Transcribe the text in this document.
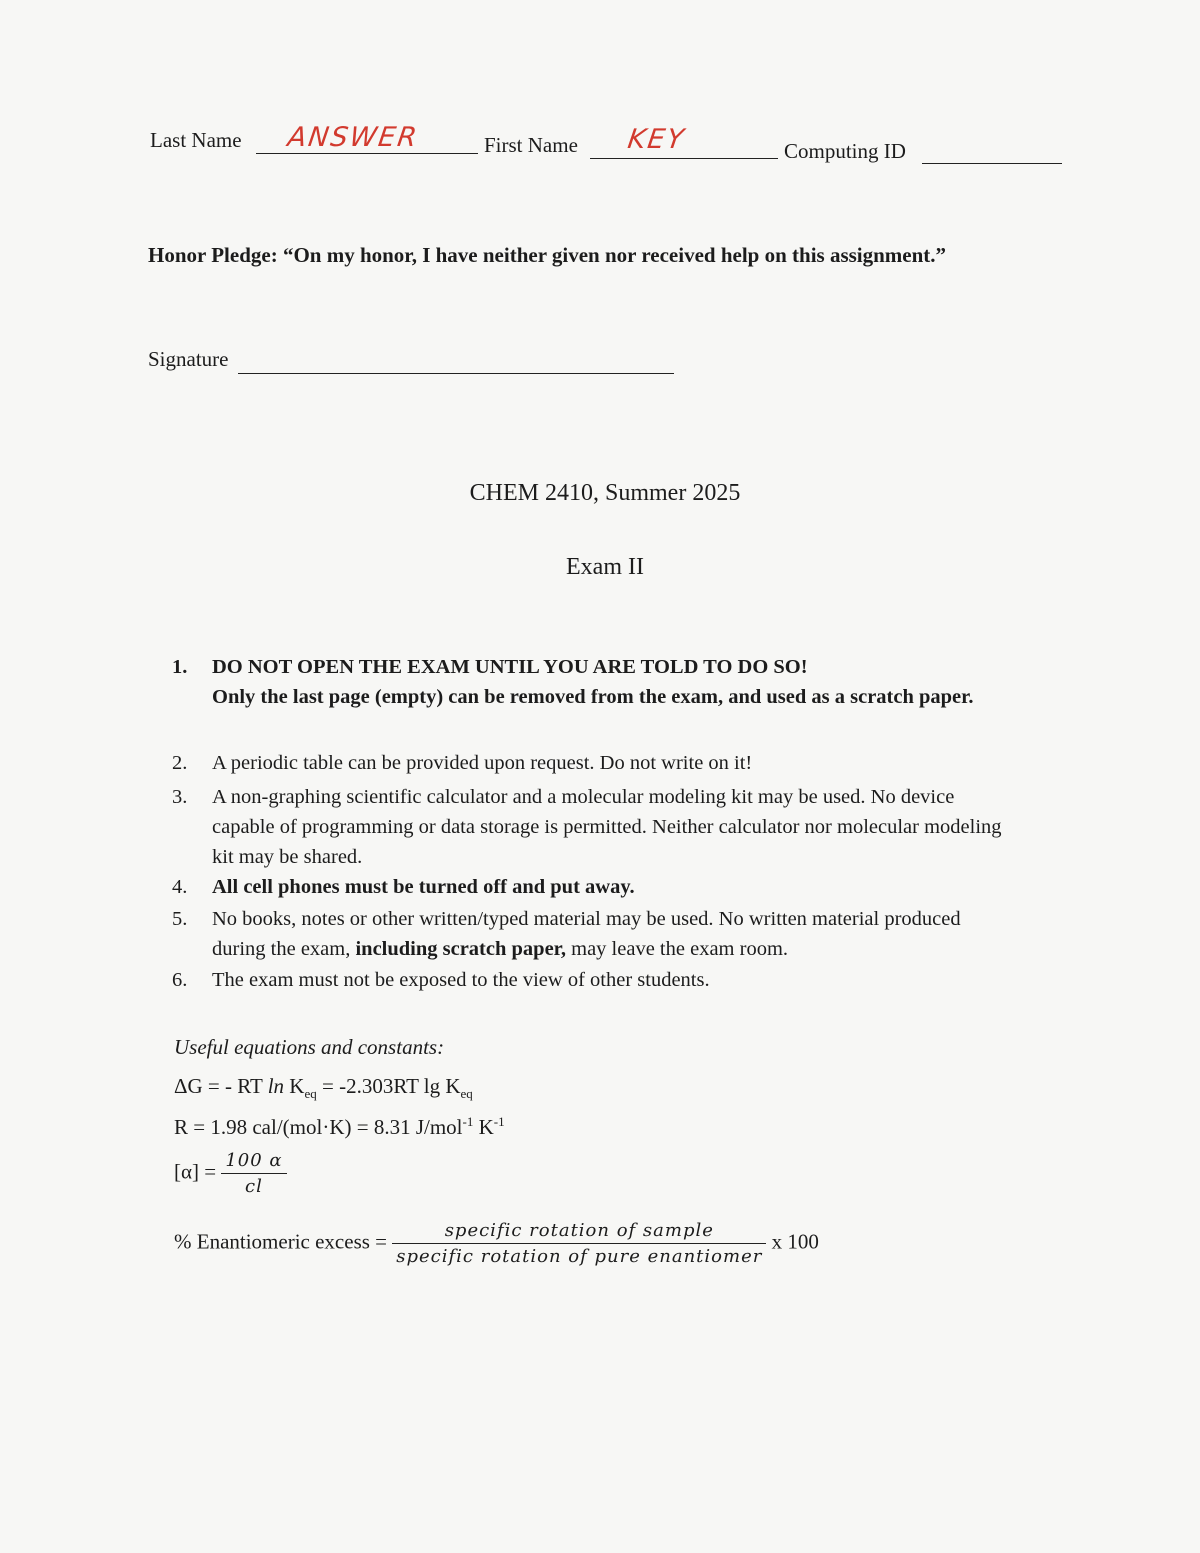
Last Name ANSWER	First Name KEY	Computing ID
Honor Pledge: “On my honor, I have neither given nor received help on this assignment.”
Signature
CHEM 2410, Summer 2025
Exam II
1.	DO NOT OPEN THE EXAM UNTIL YOU ARE TOLD TO DO SO!
Only the last page (empty) can be removed from the exam, and used as a scratch paper.
2.	A periodic table can be provided upon request. Do not write on it!
3.	A non-graphing scientific calculator and a molecular modeling kit may be used. No device capable of programming or data storage is permitted. Neither calculator nor molecular modeling kit may be shared.
4.	All cell phones must be turned off and put away.
5.	No books, notes or other written/typed material may be used. No written material produced during the exam, including scratch paper, may leave the exam room.
6.	The exam must not be exposed to the view of other students.
Useful equations and constants:
ΔG = - RT $\ln K_{eq} = -2.303RT$ $\lg K_{eq}$
R = 1.98 cal/(mol·K) = 8.31 J/mol$^{-1}$ $K^{-1}$
$[\alpha] = \frac{100 \alpha}{cl}$
% Enantiomeric excess = $\frac{\text{specific rotation of sample}}{\text{specific rotation of pure enantiomer}}$ x 100
